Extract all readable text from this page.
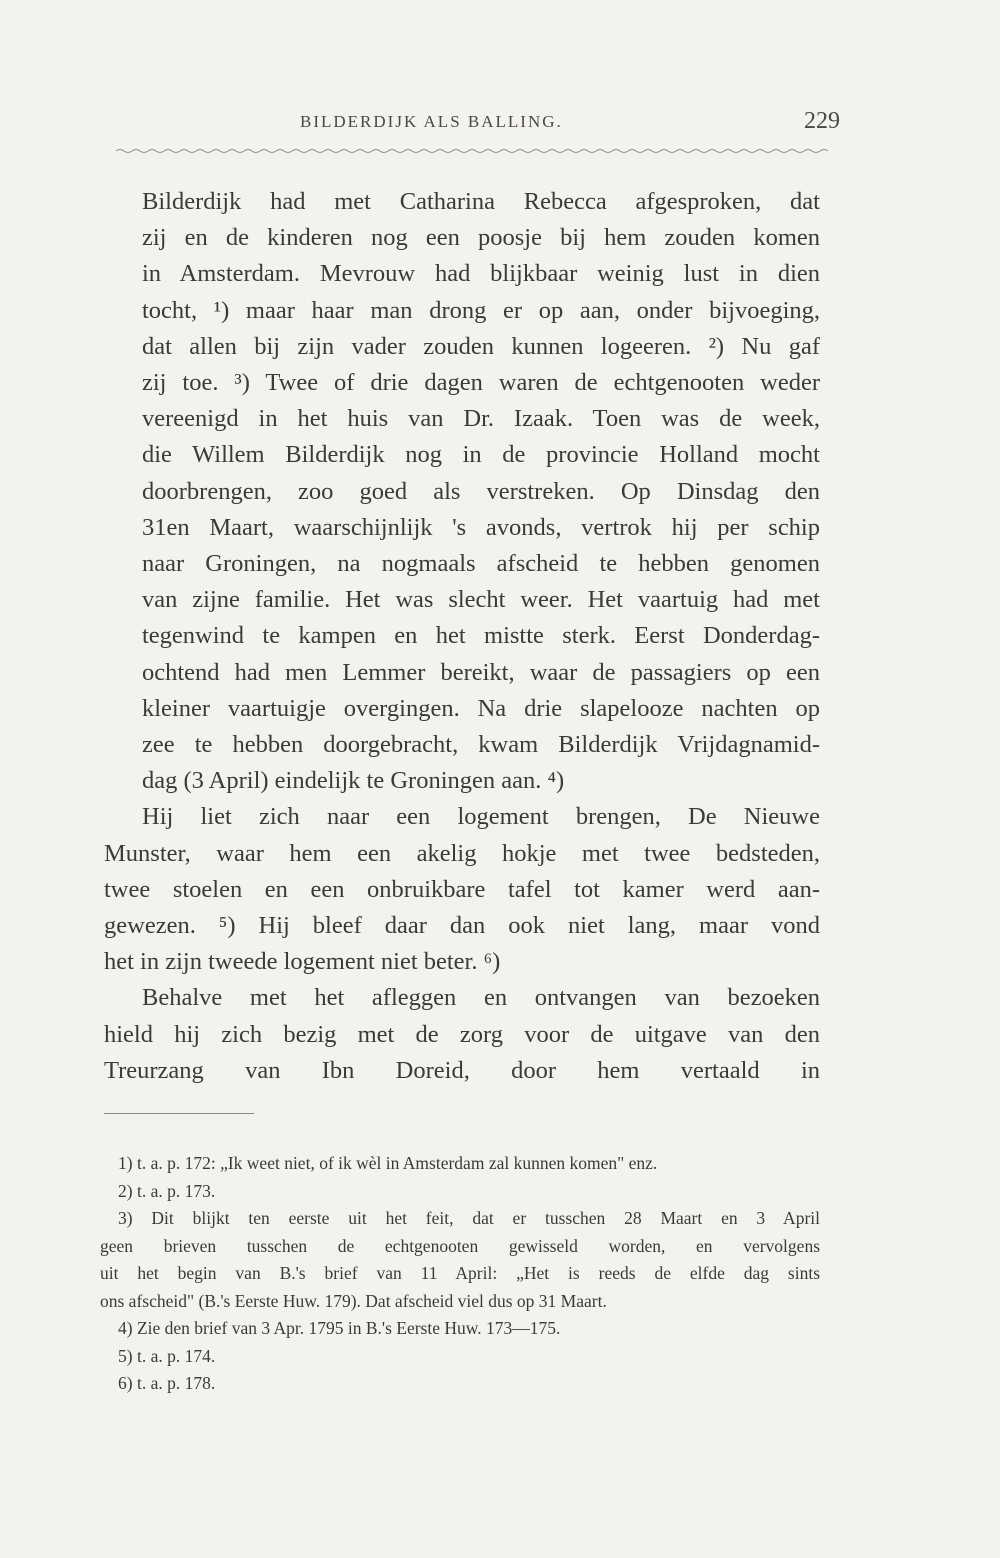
BILDERDIJK ALS BALLING.	229

Bilderdijk had met Catharina Rebecca afgesproken, dat
zij en de kinderen nog een poosje bij hem zouden komen
in Amsterdam. Mevrouw had blijkbaar weinig lust in dien
tocht, ¹) maar haar man drong er op aan, onder bijvoeging,
dat allen bij zijn vader zouden kunnen logeeren. ²) Nu gaf
zij toe. ³) Twee of drie dagen waren de echtgenooten weder
vereenigd in het huis van Dr. Izaak. Toen was de week,
die Willem Bilderdijk nog in de provincie Holland mocht
doorbrengen, zoo goed als verstreken. Op Dinsdag den
31en Maart, waarschijnlijk 's avonds, vertrok hij per schip
naar Groningen, na nogmaals afscheid te hebben genomen
van zijne familie. Het was slecht weer. Het vaartuig had met
tegenwind te kampen en het mistte sterk. Eerst Donderdag-
ochtend had men Lemmer bereikt, waar de passagiers op een
kleiner vaartuigje overgingen. Na drie slapelooze nachten op
zee te hebben doorgebracht, kwam Bilderdijk Vrijdagnamid-
dag (3 April) eindelijk te Groningen aan. ⁴)

Hij liet zich naar een logement brengen, De Nieuwe
Munster, waar hem een akelig hokje met twee bedsteden,
twee stoelen en een onbruikbare tafel tot kamer werd aan-
gewezen. ⁵) Hij bleef daar dan ook niet lang, maar vond
het in zijn tweede logement niet beter. ⁶)

Behalve met het afleggen en ontvangen van bezoeken
hield hij zich bezig met de zorg voor de uitgave van den
Treurzang van Ibn Doreid, door hem vertaald in

1) t. a. p. 172: „Ik weet niet, of ik wèl in Amsterdam zal kunnen komen" enz.
2) t. a. p. 173.
3) Dit blijkt ten eerste uit het feit, dat er tusschen 28 Maart en 3 April
geen brieven tusschen de echtgenooten gewisseld worden, en vervolgens
uit het begin van B.'s brief van 11 April: „Het is reeds de elfde dag sints
ons afscheid" (B.'s Eerste Huw. 179). Dat afscheid viel dus op 31 Maart.
4) Zie den brief van 3 Apr. 1795 in B.'s Eerste Huw. 173—175.
5) t. a. p. 174.
6) t. a. p. 178.
